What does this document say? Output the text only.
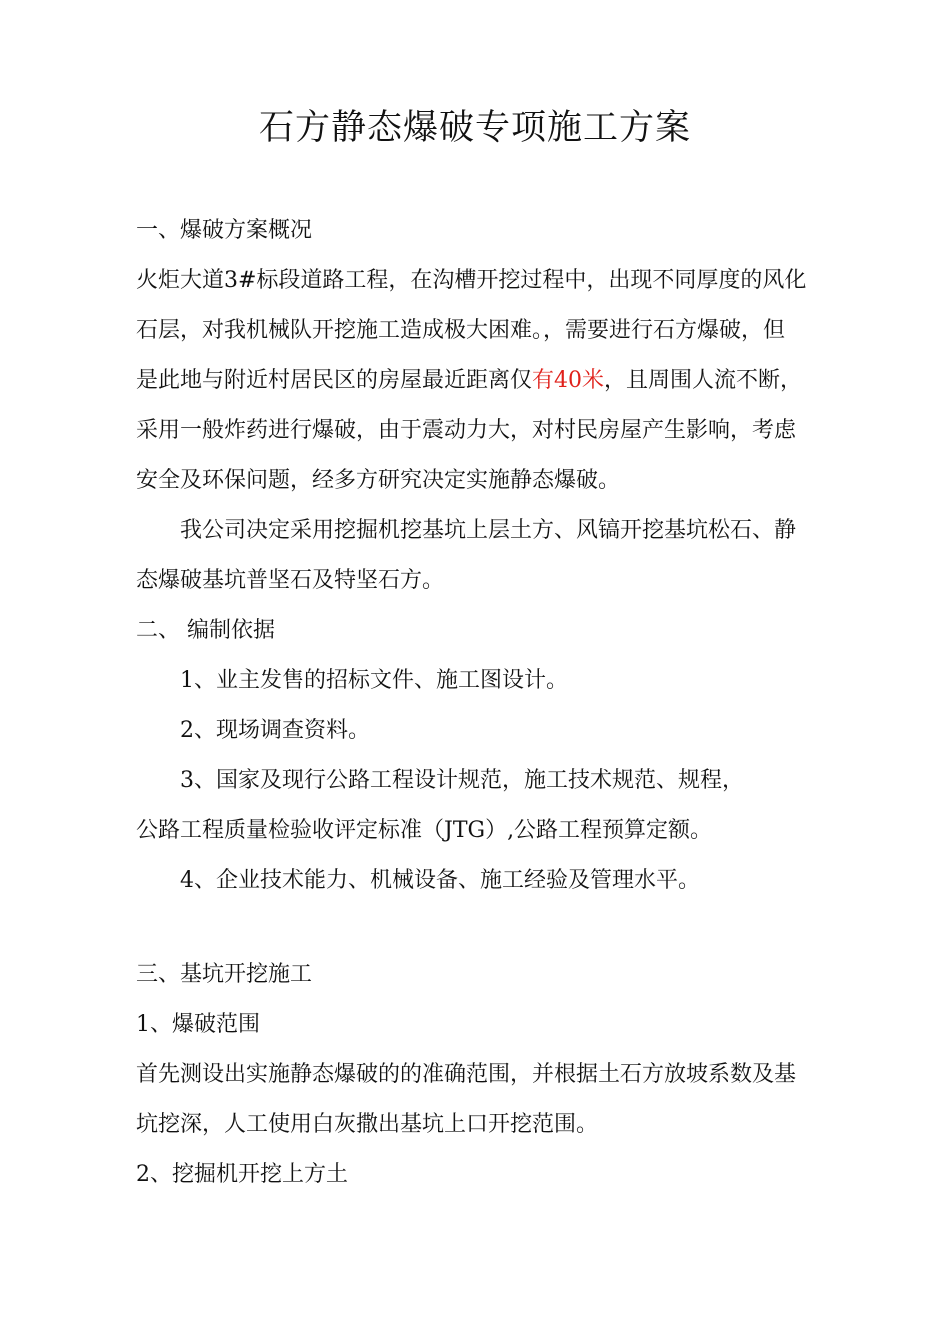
石方静态爆破专项施工方案

一、爆破方案概况

火炬大道3#标段道路工程，在沟槽开挖过程中，出现不同厚度的风化
石层，对我机械队开挖施工造成极大困难。，需要进行石方爆破，但
是此地与附近村居民区的房屋最近距离仅有40米，且周围人流不断，
采用一般炸药进行爆破，由于震动力大，对村民房屋产生影响，考虑
安全及环保问题，经多方研究决定实施静态爆破。

我公司决定采用挖掘机挖基坑上层土方、风镐开挖基坑松石、静
态爆破基坑普坚石及特坚石方。

二、 编制依据

1、业主发售的招标文件、施工图设计。
2、现场调查资料。
3、国家及现行公路工程设计规范，施工技术规范、规程，
公路工程质量检验收评定标准（JTG）,公路工程预算定额。
4、企业技术能力、机械设备、施工经验及管理水平。

三、基坑开挖施工

1、爆破范围
首先测设出实施静态爆破的的准确范围，并根据土石方放坡系数及基
坑挖深，人工使用白灰撒出基坑上口开挖范围。
2、挖掘机开挖上方土
